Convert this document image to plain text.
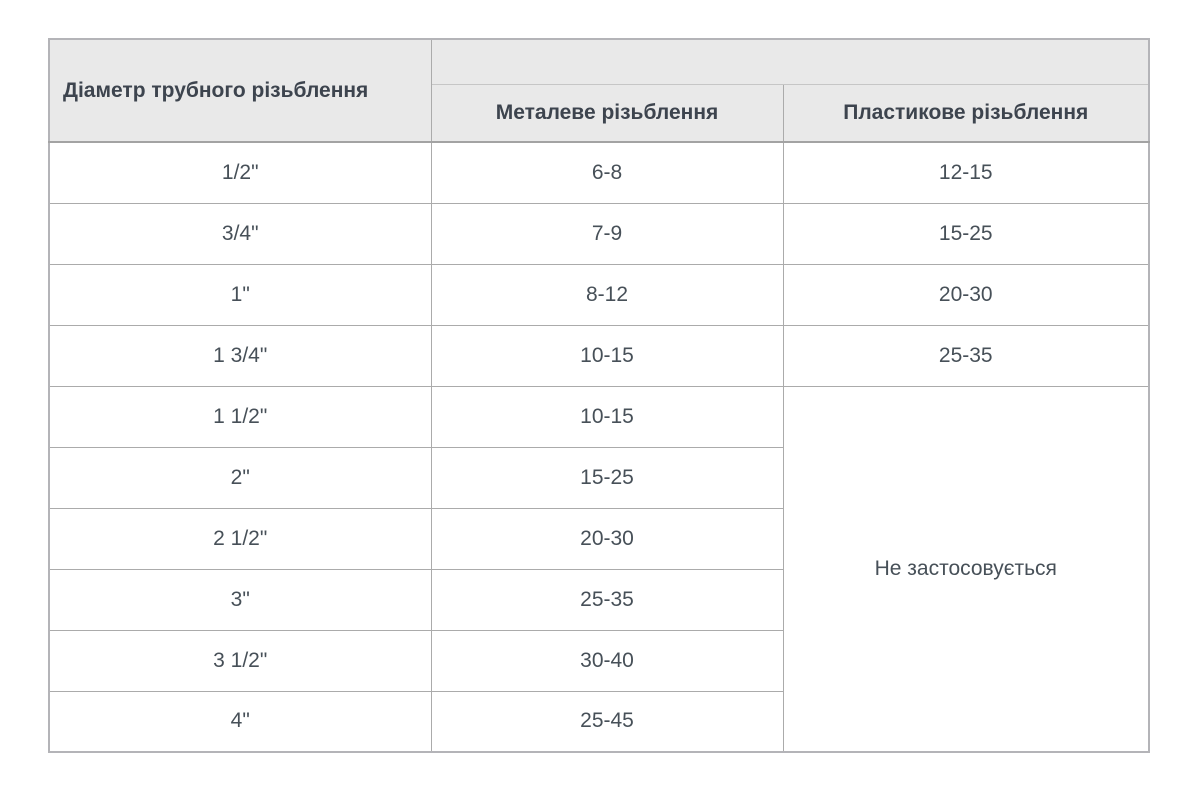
Діаметр трубного різьблення		
	Металеве різьблення	Пластикове різьблення
1/2"	6-8	12-15
3/4"	7-9	15-25
1"	8-12	20-30
1 3/4"	10-15	25-35
1 1/2"	10-15	Не застосовується
2"	15-25	
2 1/2"	20-30	
3"	25-35	
3 1/2"	30-40	
4"	25-45	
